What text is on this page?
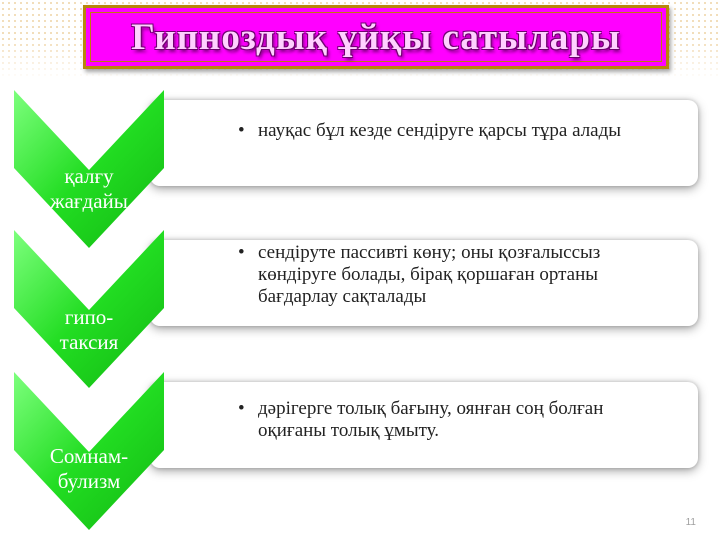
Гипноздық ұйқы сатылары
• науқас бұл кезде сендіруге қарсы тұра алады
қалғу
жағдайы
• сендіруте пассивті көну; оны қозғалыссыз көндіруге болады, бірақ қоршаған ортаны бағдарлау сақталады
гипо-
таксия
• дәрігерге толық бағыну, оянған соң болған оқиғаны толық ұмыту.
Сомнам-
булизм
11
